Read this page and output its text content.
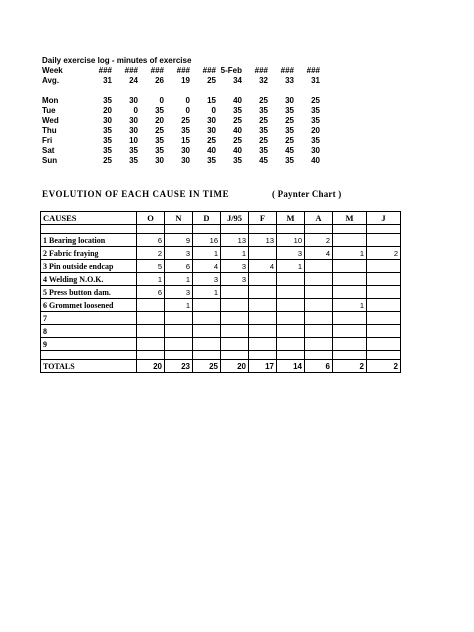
Daily exercise log - minutes of exercise
Week	###	###	###	###	### 5-Feb	###	###	###
Avg.	31	24	26	19	25	34	32	33	31
Mon	35	30	0	0	15	40	25	30	25
Tue	20	0	35	0	0	35	35	35	35
Wed	30	30	20	25	30	25	25	25	35
Thu	35	30	25	35	30	40	35	35	20
Fri	35	10	35	15	25	25	25	25	35
Sat	35	35	35	30	40	40	35	45	30
Sun	25	35	30	30	35	35	45	35	40
EVOLUTION OF EACH CAUSE IN TIME	( Paynter Chart )
CAUSES	O	N	D	J/95	F	M	A	M	J

1 Bearing location	6	9	16	13	13	10	2		
2 Fabric fraying	2	3	1	1		3	4	1	2
3 Pin outside endcap	5	6	4	3	4	1			
4 Welding N.O.K.	1	1	3	3					
5 Press button dam.	6	3	1						
6 Grommet loosened		1						1	
7									
8									
9									

TOTALS	20	23	25	20	17	14	6	2	2
